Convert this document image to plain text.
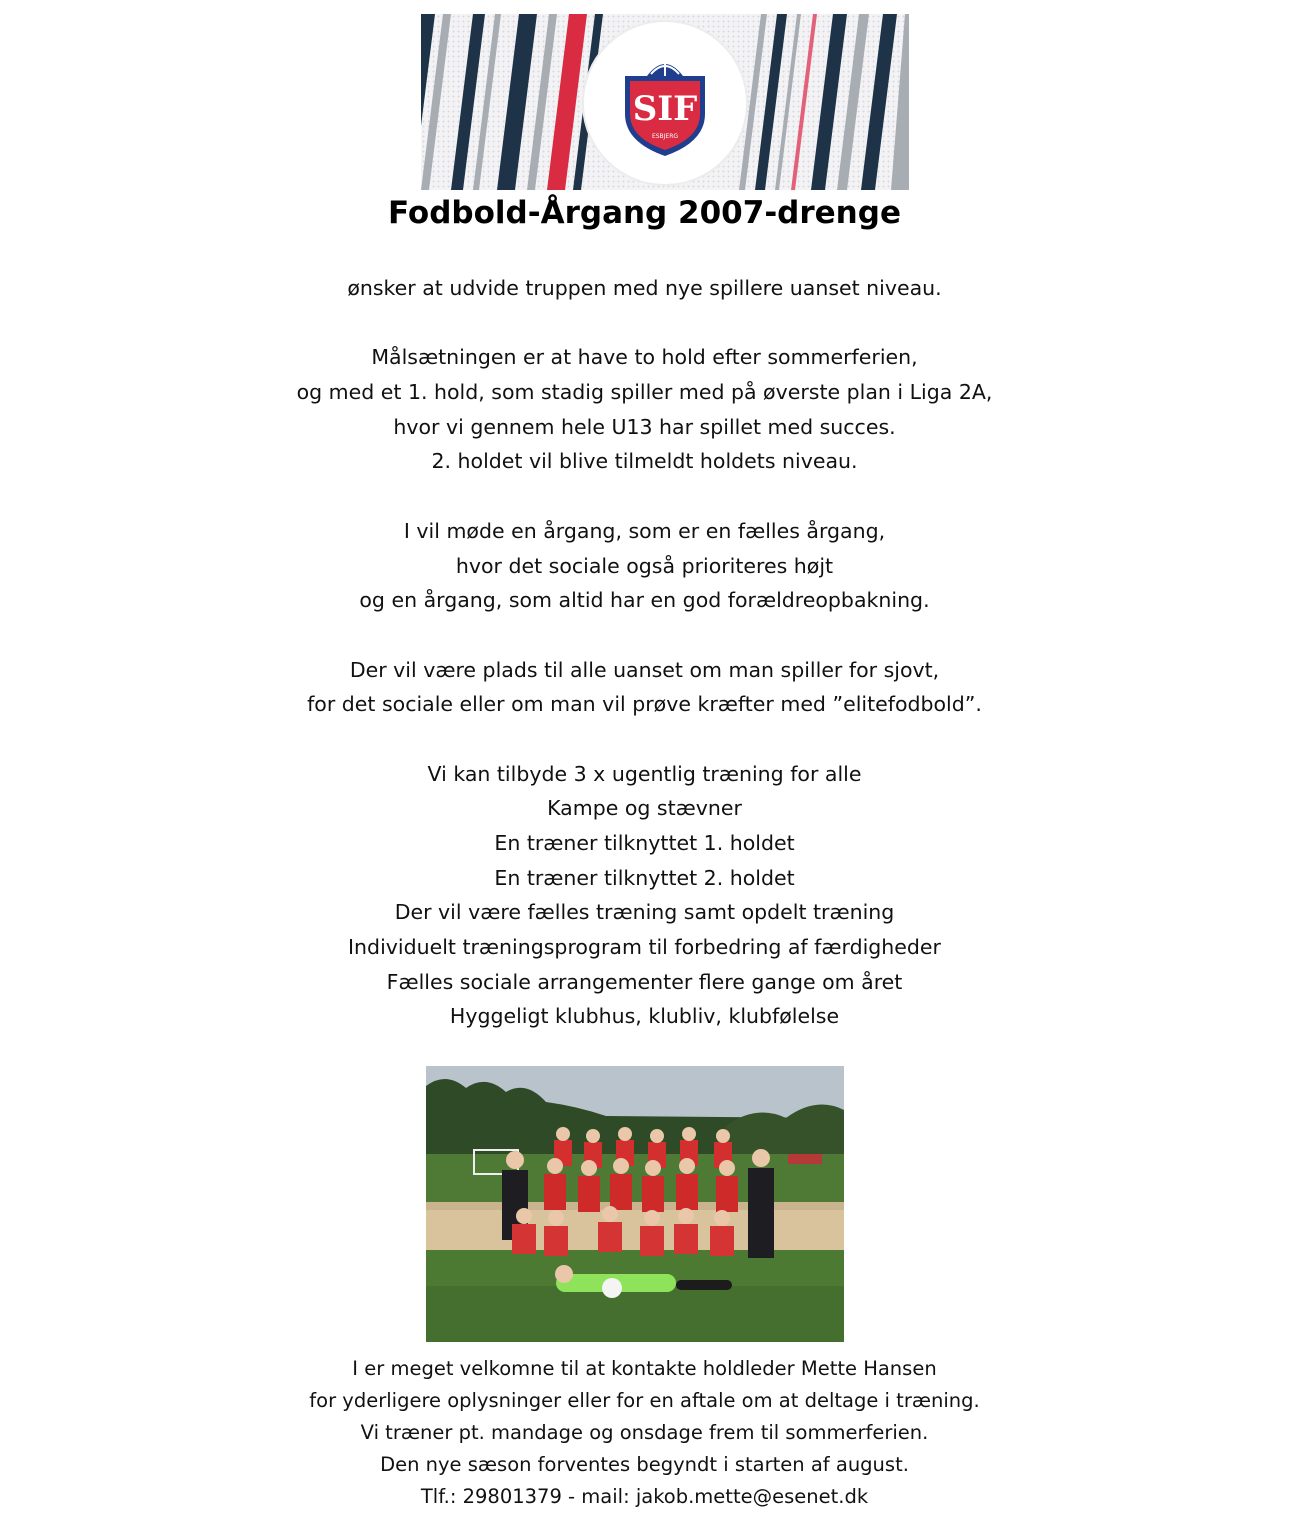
SIF
ESBJERG
Fodbold-Årgang 2007-drenge
ønsker at udvide truppen med nye spillere uanset niveau.
Målsætningen er at have to hold efter sommerferien,
og med et 1. hold, som stadig spiller med på øverste plan i Liga 2A,
hvor vi gennem hele U13 har spillet med succes.
2. holdet vil blive tilmeldt holdets niveau.
I vil møde en årgang, som er en fælles årgang,
hvor det sociale også prioriteres højt
og en årgang, som altid har en god forældreopbakning.
Der vil være plads til alle uanset om man spiller for sjovt,
for det sociale eller om man vil prøve kræfter med ”elitefodbold”.
Vi kan tilbyde 3 x ugentlig træning for alle
Kampe og stævner
En træner tilknyttet 1. holdet
En træner tilknyttet 2. holdet
Der vil være fælles træning samt opdelt træning
Individuelt træningsprogram til forbedring af færdigheder
Fælles sociale arrangementer flere gange om året
Hyggeligt klubhus, klubliv, klubfølelse
I er meget velkomne til at kontakte holdleder Mette Hansen
for yderligere oplysninger eller for en aftale om at deltage i træning.
Vi træner pt. mandage og onsdage frem til sommerferien.
Den nye sæson forventes begyndt i starten af august.
Tlf.: 29801379 - mail: jakob.mette@esenet.dk
